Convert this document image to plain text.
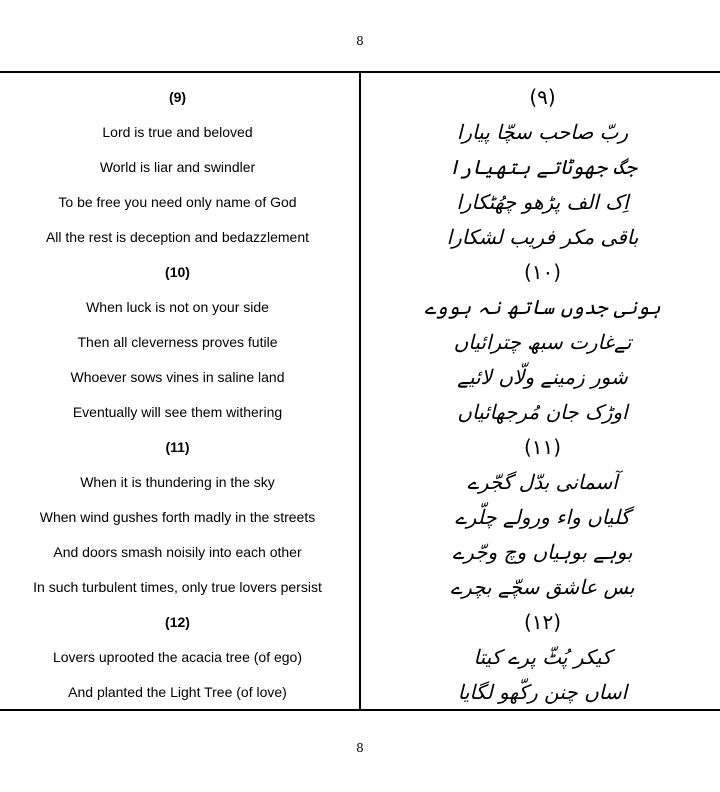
8
(9)
Lord is true and beloved
World is liar and swindler
To be free you need only name of God
All the rest is deception and bedazzlement
(10)
When luck is not on your side
Then all cleverness proves futile
Whoever sows vines in saline land
Eventually will see them withering
(11)
When it is thundering in the sky
When wind gushes forth madly in the streets
And doors smash noisily into each other
In such turbulent times, only true lovers persist
(12)
Lovers uprooted the acacia tree (of ego)
And planted the Light Tree (of love)
(۹)
ربّ صاحب سچّا پیارا
جگ جھوٹاتے ہتھیارا
اِک الف پڑھو چھُٹکارا
باقی مکر فریب لشکارا
(۱۰)
ہونی جدوں ساتھ نہ ہووے
تےغارت سبھ چترائیاں
شور زمینے ولّاں لائیے
اوڑک جان مُرجھائیاں
(۱۱)
آسمانی بدّل گجّرے
گلیاں واء ورولے چلّرے
بوہے بوہیاں وچ وجّرے
بس عاشق سچّے بچرے
(۱۲)
کیکر پُٹّ پرے کیتا
اساں چنن رکّھو لگایا
8
